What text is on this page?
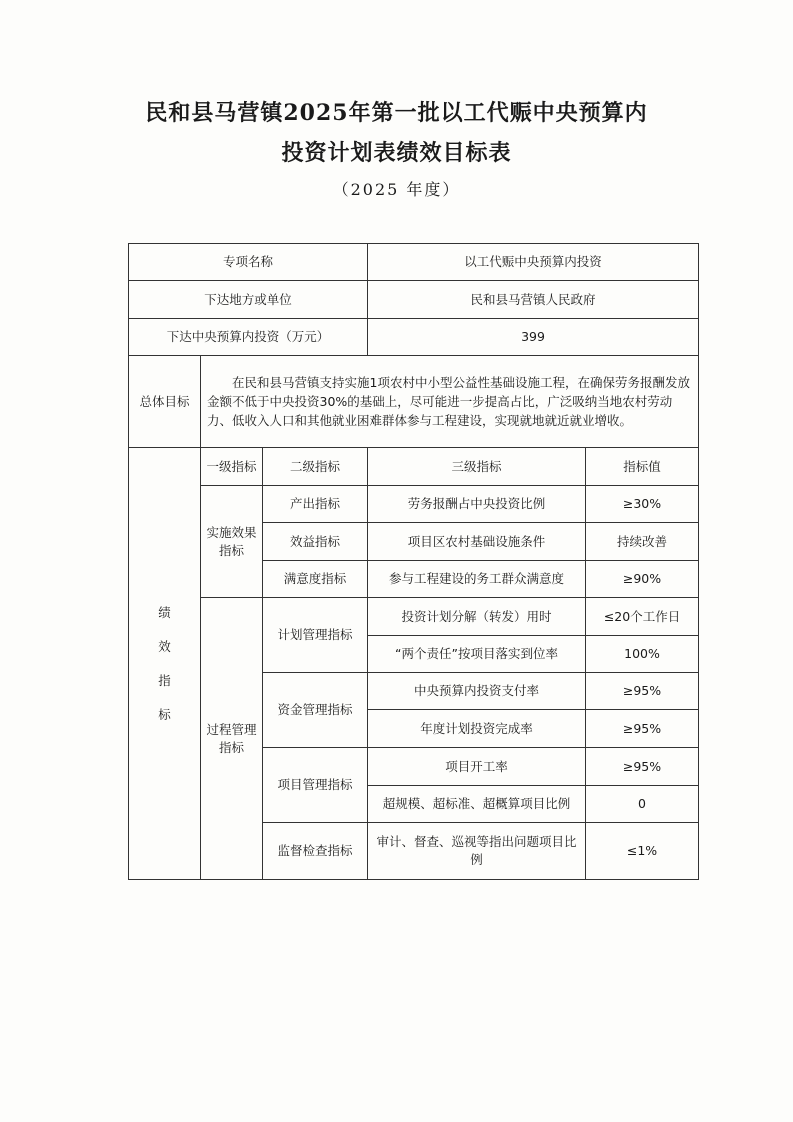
民和县马营镇2025年第一批以工代赈中央预算内
投资计划表绩效目标表
（2025 年度）
专项名称			以工代赈中央预算内投资	
下达地方或单位			民和县马营镇人民政府	
下达中央预算内投资（万元）			399	
总体目标	在民和县马营镇支持实施1项农村中小型公益性基础设施工程，在确保劳务报酬发放金额不低于中央投资30%的基础上，尽可能进一步提高占比，广泛吸纳当地农村劳动力、低收入人口和其他就业困难群体参与工程建设，实现就地就近就业增收。			
绩效指标	一级指标	二级指标	三级指标	指标值
	实施效果指标	产出指标	劳务报酬占中央投资比例	≥30%
		效益指标	项目区农村基础设施条件	持续改善
		满意度指标	参与工程建设的务工群众满意度	≥90%
	过程管理指标	计划管理指标	投资计划分解（转发）用时	≤20个工作日
			“两个责任”按项目落实到位率	100%
		资金管理指标	中央预算内投资支付率	≥95%
			年度计划投资完成率	≥95%
		项目管理指标	项目开工率	≥95%
			超规模、超标准、超概算项目比例	0
		监督检查指标	审计、督查、巡视等指出问题项目比例	≤1%
